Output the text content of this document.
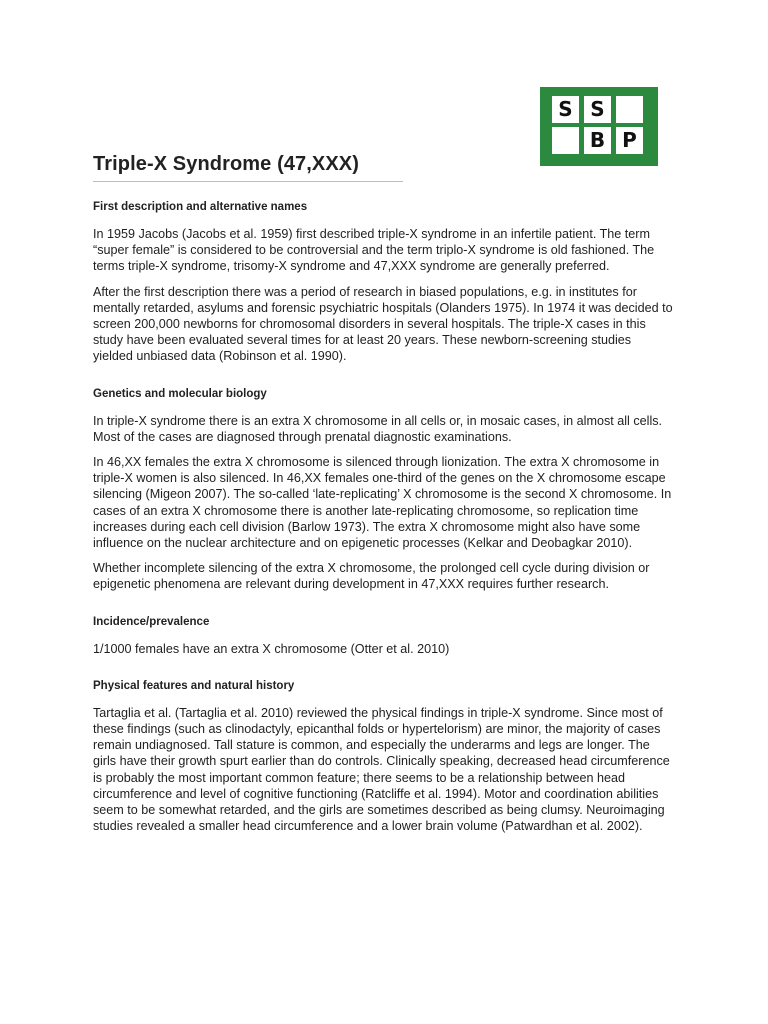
S S
B P
Triple-X Syndrome (47,XXX)
First description and alternative names

In 1959 Jacobs (Jacobs et al. 1959) first described triple-X syndrome in an infertile patient. The term “super female” is considered to be controversial and the term triplo-X syndrome is old fashioned. The terms triple-X syndrome, trisomy-X syndrome and 47,XXX syndrome are generally preferred.

After the first description there was a period of research in biased populations, e.g. in institutes for mentally retarded, asylums and forensic psychiatric hospitals (Olanders 1975). In 1974 it was decided to screen 200,000 newborns for chromosomal disorders in several hospitals. The triple-X cases in this study have been evaluated several times for at least 20 years. These newborn-screening studies yielded unbiased data (Robinson et al. 1990).

Genetics and molecular biology

In triple-X syndrome there is an extra X chromosome in all cells or, in mosaic cases, in almost all cells. Most of the cases are diagnosed through prenatal diagnostic examinations.

In 46,XX females the extra X chromosome is silenced through lionization. The extra X chromosome in triple-X women is also silenced. In 46,XX females one-third of the genes on the X chromosome escape silencing (Migeon 2007). The so-called ‘late-replicating’ X chromosome is the second X chromosome. In cases of an extra X chromosome there is another late-replicating chromosome, so replication time increases during each cell division (Barlow 1973). The extra X chromosome might also have some influence on the nuclear architecture and on epigenetic processes (Kelkar and Deobagkar 2010).

Whether incomplete silencing of the extra X chromosome, the prolonged cell cycle during division or epigenetic phenomena are relevant during development in 47,XXX requires further research.

Incidence/prevalence

1/1000 females have an extra X chromosome (Otter et al. 2010)

Physical features and natural history

Tartaglia et al. (Tartaglia et al. 2010) reviewed the physical findings in triple-X syndrome. Since most of these findings (such as clinodactyly, epicanthal folds or hypertelorism) are minor, the majority of cases remain undiagnosed. Tall stature is common, and especially the underarms and legs are longer. The girls have their growth spurt earlier than do controls. Clinically speaking, decreased head circumference is probably the most important common feature; there seems to be a relationship between head circumference and level of cognitive functioning (Ratcliffe et al. 1994). Motor and coordination abilities seem to be somewhat retarded, and the girls are sometimes described as being clumsy. Neuroimaging studies revealed a smaller head circumference and a lower brain volume (Patwardhan et al. 2002).
